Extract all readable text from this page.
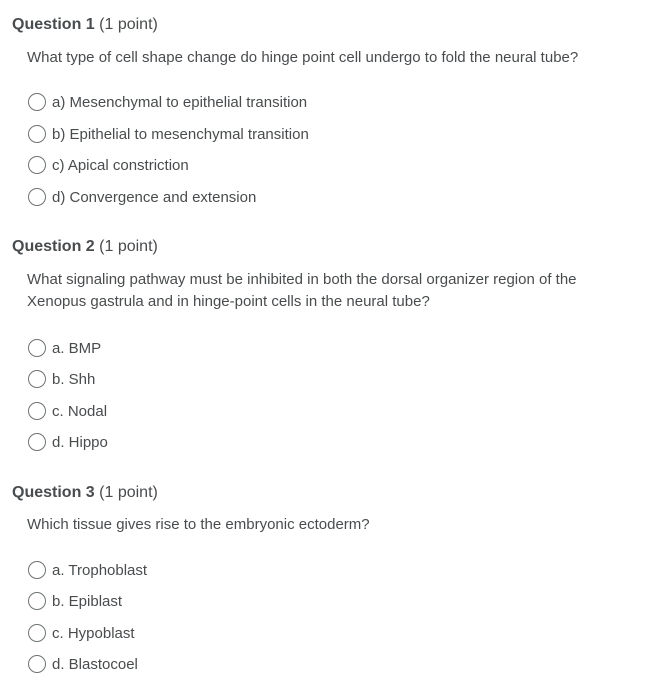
Question 1 (1 point)
What type of cell shape change do hinge point cell undergo to fold the neural tube?
a) Mesenchymal to epithelial transition
b) Epithelial to mesenchymal transition
c) Apical constriction
d) Convergence and extension
Question 2 (1 point)
What signaling pathway must be inhibited in both the dorsal organizer region of the Xenopus gastrula and in hinge-point cells in the neural tube?
a. BMP
b. Shh
c. Nodal
d. Hippo
Question 3 (1 point)
Which tissue gives rise to the embryonic ectoderm?
a. Trophoblast
b. Epiblast
c. Hypoblast
d. Blastocoel
